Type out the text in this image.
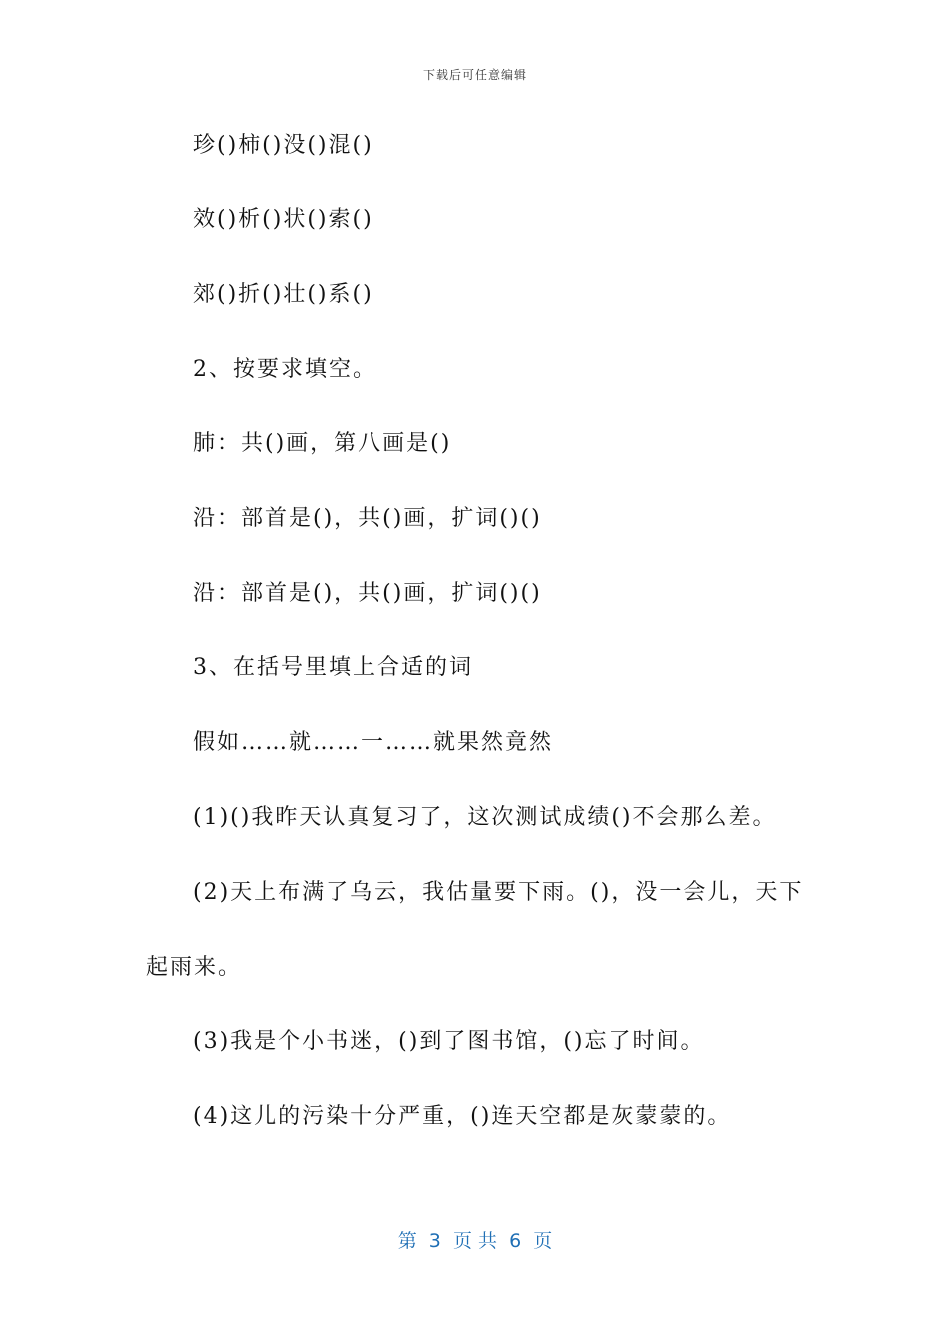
下载后可任意编辑
珍()柿()没()混()
效()析()状()索()
郊()折()壮()系()
2、按要求填空。
肺：共()画，第八画是()
沿：部首是()，共()画，扩词()()
沿：部首是()，共()画，扩词()()
3、在括号里填上合适的词
假如……就……一……就果然竟然
(1)()我昨天认真复习了，这次测试成绩()不会那么差。
(2)天上布满了乌云，我估量要下雨。()，没一会儿，天下
起雨来。
(3)我是个小书迷，()到了图书馆，()忘了时间。
(4)这儿的污染十分严重，()连天空都是灰蒙蒙的。
第  3  页 共  6  页
